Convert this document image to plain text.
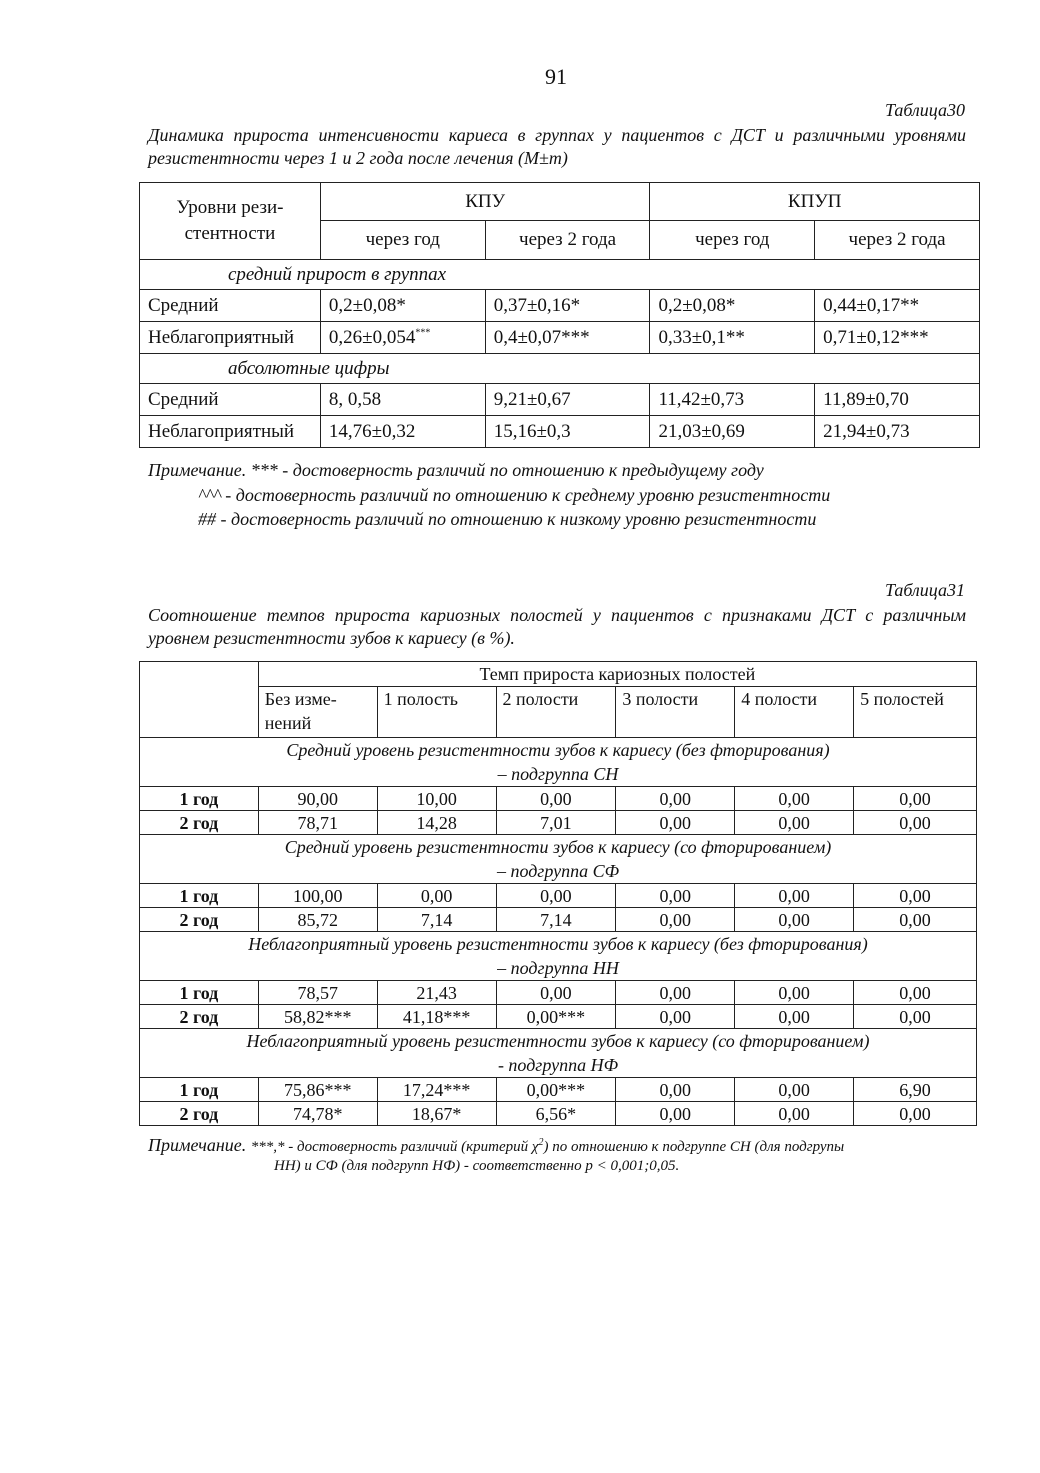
91
Таблица30
Динамика прироста интенсивности кариеса в группах у пациентов с ДСТ и различными уровнями резистентности через 1 и 2 года после лечения (М±m)
Уровни рези-стентности	КПУ		КПУП	
	через год	через 2 года	через год	через 2 года
средний прирост в группах				
Средний	0,2±0,08*	0,37±0,16*	0,2±0,08*	0,44±0,17**
Неблагоприятный	0,26±0,054***	0,4±0,07***	0,33±0,1**	0,71±0,12***
абсолютные цифры				
Средний	8, 0,58	9,21±0,67	11,42±0,73	11,89±0,70
Неблагоприятный	14,76±0,32	15,16±0,3	21,03±0,69	21,94±0,73
Примечание. *** - достоверность различий по отношению к предыдущему году
^^^ - достоверность различий по отношению к среднему уровню резистентности
## - достоверность различий по отношению к низкому уровню резистентности
Таблица31
Соотношение темпов прироста кариозных полостей у пациентов с признаками ДСТ с различным уровнем резистентности зубов к кариесу (в %).
	Темп прироста кариозных полостей					
	Без изме-нений	1 полость	2 полости	3 полости	4 полости	5 полостей

Средний уровень резистентности зубов к кариесу (без фторирования)
– подгруппа СН						

1 год	90,00	10,00	0,00	0,00	0,00	0,00
2 год	78,71	14,28	7,01	0,00	0,00	0,00

Средний уровень резистентности зубов к кариесу (со фторированием)
– подгруппа СФ						

1 год	100,00	0,00	0,00	0,00	0,00	0,00
2 год	85,72	7,14	7,14	0,00	0,00	0,00

Неблагоприятный уровень резистентности зубов к кариесу (без фторирования)
– подгруппа НН						

1 год	78,57	21,43	0,00	0,00	0,00	0,00
2 год	58,82***	41,18***	0,00***	0,00	0,00	0,00

Неблагоприятный уровень резистентности зубов к кариесу (со фторированием)
- подгруппа НФ						

1 год	75,86***	17,24***	0,00***	0,00	0,00	6,90
2 год	74,78*	18,67*	6,56*	0,00	0,00	0,00
Примечание. ***,* - достоверность различий (критерий $\chi^2$) по отношению к подгруппе СН (для подгрупы
НН) и СФ (для подгрупп НФ) - соответственно р < 0,001;0,05.
